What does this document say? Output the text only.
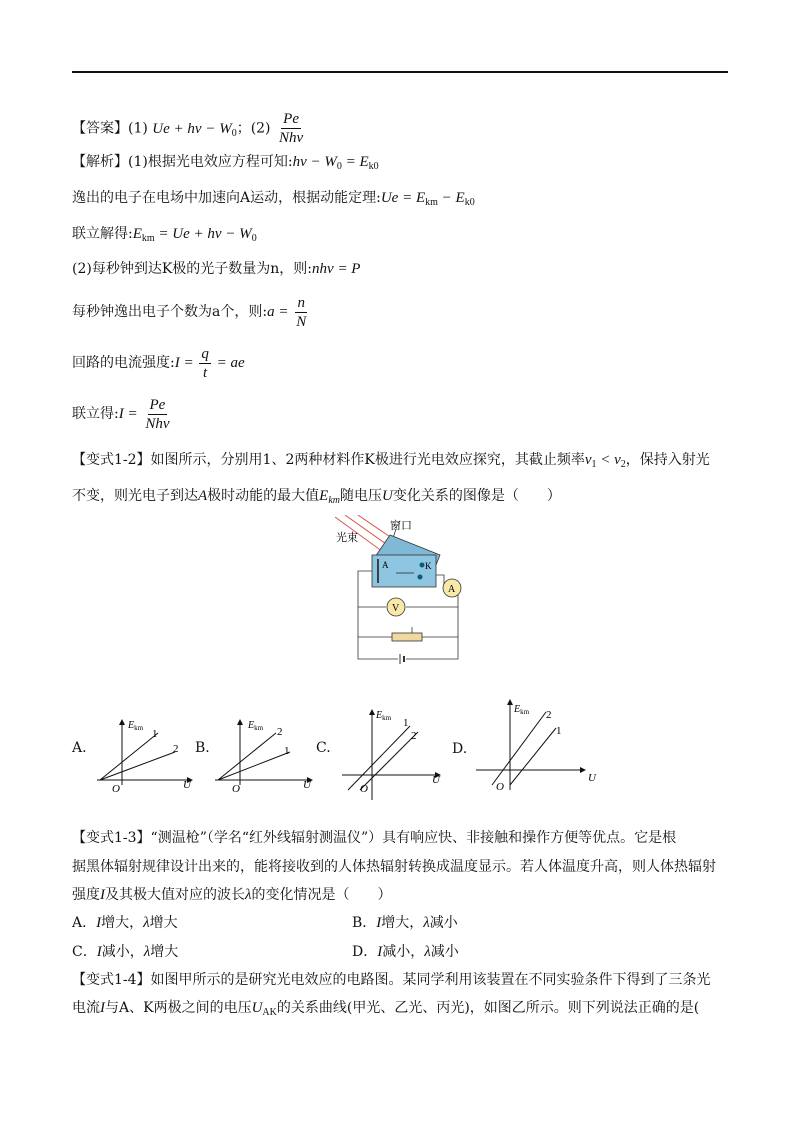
【答案】(1) $Ue + h\nu - W_0$；$(2) \frac{Pe}{\text{Nhν}}$
【解析】(1)根据光电效应方程可知:hν − $W_0 = E_{k0}$
逸出的电子在电场中加速向A运动，根据动能定理:Ue = $E_{km} - E_{k0}$
联立解得$:E_{km} = Ue + h\nu - W_0$
(2)每秒钟到达K极的光子数量为n，则:nhν = P
每秒钟逸出电子个数为a个，则:a = $\frac{n}{N}$
回路的电流强度:I = $\frac{q}{t}$ = ae
联立得:I = $\frac{Pe}{\text{Nhν}}$
【变式1-2】如图所示，分别用1、2两种材料作K极进行光电效应探究，其截止频率$\nu_1 < \nu_2$，保持入射光
不变，则光电子到达A极时动能的最大值$E_{km}$随电压U变化关系的图像是（　　）
光束
窗口
A	K
A
V
A.
$E_{km}$
U
O
1
2 B.
$E_{km}$
U
O
2
1 C.
$E_{km}$
U
O
1
2
D.
$E_{km}$
U
O
2
1
【变式1-3】“测温枪”（学名“红外线辐射测温仪”）具有响应快、非接触和操作方便等优点。它是根
据黑体辐射规律设计出来的，能将接收到的人体热辐射转换成温度显示。若人体温度升高，则人体热辐射
强度I及其极大值对应的波长λ的变化情况是（　　）
A．I增大，λ增大	B．I增大，λ减小
C．I减小，λ增大	D．I减小，λ减小
【变式1-4】如图甲所示的是研究光电效应的电路图。某同学利用该装置在不同实验条件下得到了三条光
电流I与A、K两极之间的电压$U_{AK}$的关系曲线(甲光、乙光、丙光)，如图乙所示。则下列说法正确的是(
